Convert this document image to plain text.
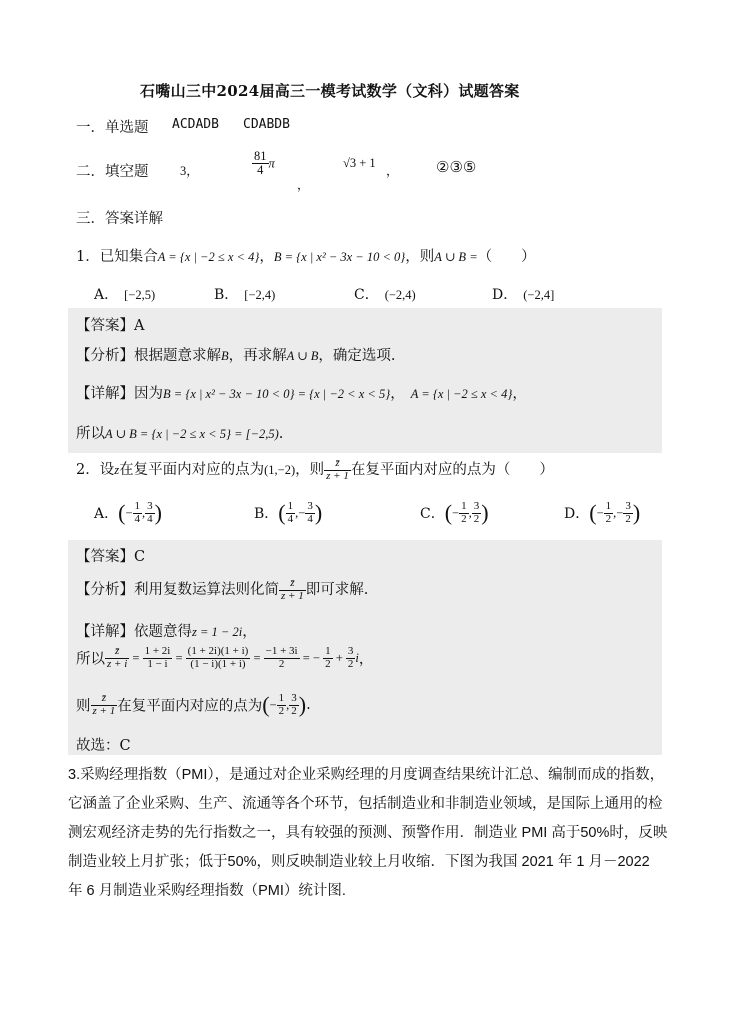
石嘴山三中2024届高三一模考试数学（文科）试题答案
一．单选题 ACDADB CDABDB
二．填空题	3，	$\frac{81}{4}$ π
，
√3 + 1
， ②③⑤
三．答案详解
1．已知集合A = {x | −2 ≤ x < 4}，B = {x | x² − 3x − 10 < 0}，则A ∪ B =（　　）
A． [−2,5)	B． [−2,4)	C． (−2,4)	D． (−2,4]
【答案】A
【分析】根据题意求解B，再求解A ∪ B，确定选项.
【详解】因为B = {x | x² − 3x − 10 < 0} = {x | −2 < x < 5}， A = {x | −2 ≤ x < 4}，
所以A ∪ B = {x | −2 ≤ x < 5} = [−2,5).
2．设z在复平面内对应的点为(1,−2)，则 $\frac{z̄}{z + 1}$ 在复平面内对应的点为（　　）
A．(− $\frac{1}{4}$ , $\frac{3}{4}$ )	B．( $\frac{1}{4}$ ,− $\frac{3}{4}$ )	C．(− $\frac{1}{2}$ , $\frac{3}{2}$ )	D．(− $\frac{1}{2}$ ,− $\frac{3}{2}$ )
【答案】C
【分析】利用复数运算法则化简 $\frac{z̄}{z + 1}$ 即可求解.
【详解】依题意得z = 1 − 2i，
所以 $\frac{z̄}{z + i} = \frac{1 + 2i}{1 - i} = \frac{(1 + 2i)(1 + i)}{(1 - i)(1 + i)} = \frac{-1 + 3i}{2}$ = − $\frac{1}{2} + \frac{3}{2}$ i，
则 $\frac{z̄}{z + 1}$ 在复平面内对应的点为(− $\frac{1}{2}$ , $\frac{3}{2}$ ).
故选：C
3.采购经理指数（PMI），是通过对企业采购经理的月度调查结果统计汇总、编制而成的指数，它涵盖了企业采购、生产、流通等各个环节，包括制造业和非制造业领域，是国际上通用的检测宏观经济走势的先行指数之一，具有较强的预测、预警作用．制造业 PMI 高于50%时，反映制造业较上月扩张；低于50%，则反映制造业较上月收缩．下图为我国 2021 年 1 月－2022 年 6 月制造业采购经理指数（PMI）统计图.
